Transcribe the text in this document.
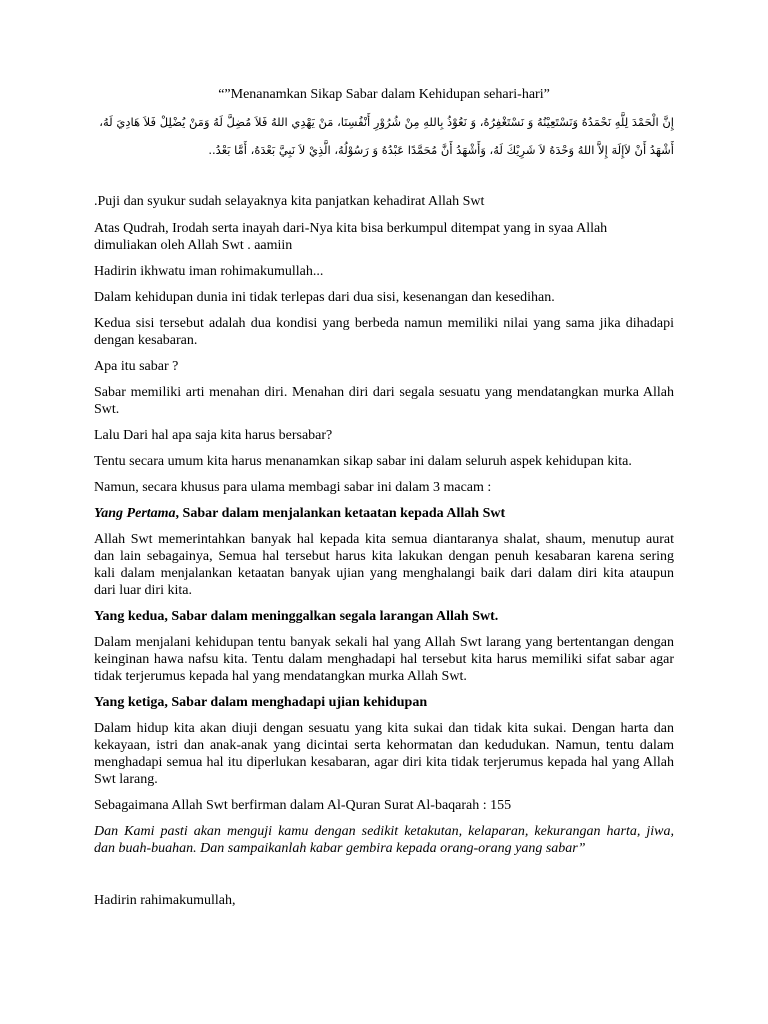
“”Menanamkan Sikap Sabar dalam Kehidupan sehari-hari”
إِنَّ الْحَمْدَ لِلَّهِ نَحْمَدُهُ وَنَسْتَعِيْنُهُ وَ نَسْتَغْفِرُهُ، وَ نَعُوْذُ بِاللهِ مِنْ شُرُوْرِ أَنْفُسِنَا، مَنْ يَهْدِي اللهُ فَلاَ مُضِلَّ لَهُ وَمَنْ يُضْلِلْ فَلاَ هَادِيَ لَهُ،
أَشْهَدُ أَنْ لاَإِلَهَ إِلاَّ اللهُ وَحْدَهُ لاَ شَرِيْكَ لَهُ، وَأَشْهَدُ أَنَّ مُحَمَّدًا عَبْدُهُ وَ رَسُوْلُهُ، الَّذِيْ لاَ نَبِيَّ بَعْدَهُ، أَمَّا بَعْدُ..
.Puji dan syukur sudah selayaknya kita panjatkan kehadirat Allah Swt
Atas Qudrah, Irodah serta inayah dari-Nya kita bisa berkumpul ditempat yang in syaa Allah
dimuliakan oleh Allah Swt . aamiin
Hadirin ikhwatu iman rohimakumullah...
Dalam kehidupan dunia ini tidak terlepas dari dua sisi, kesenangan dan kesedihan.
Kedua sisi tersebut adalah dua kondisi yang berbeda namun memiliki nilai yang sama jika dihadapi
dengan kesabaran.
Apa itu sabar ?
Sabar memiliki arti menahan diri. Menahan diri dari segala sesuatu yang mendatangkan murka Allah
Swt.
Lalu Dari hal apa saja kita harus bersabar?
Tentu secara umum kita harus menanamkan sikap sabar ini dalam seluruh aspek kehidupan kita.
Namun, secara khusus para ulama membagi sabar ini dalam 3 macam :
Yang Pertama, Sabar dalam menjalankan ketaatan kepada Allah Swt
Allah Swt memerintahkan banyak hal kepada kita semua diantaranya shalat, shaum, menutup aurat
dan lain sebagainya, Semua hal tersebut harus kita lakukan dengan penuh kesabaran karena sering
kali dalam menjalankan ketaatan banyak ujian yang menghalangi baik dari dalam diri kita ataupun
dari luar diri kita.
Yang kedua, Sabar dalam meninggalkan segala larangan Allah Swt.
Dalam menjalani kehidupan tentu banyak sekali hal yang Allah Swt larang yang bertentangan dengan
keinginan hawa nafsu kita. Tentu dalam menghadapi hal tersebut kita harus memiliki sifat sabar agar
tidak terjerumus kepada hal yang mendatangkan murka Allah Swt.
Yang ketiga, Sabar dalam menghadapi ujian kehidupan
Dalam hidup kita akan diuji dengan sesuatu yang kita sukai dan tidak kita sukai. Dengan harta dan
kekayaan, istri dan anak-anak yang dicintai serta kehormatan dan kedudukan. Namun, tentu dalam
menghadapi semua hal itu diperlukan kesabaran, agar diri kita tidak terjerumus kepada hal yang Allah
Swt larang.
Sebagaimana Allah Swt berfirman dalam Al-Quran Surat Al-baqarah : 155
Dan Kami pasti akan menguji kamu dengan sedikit ketakutan, kelaparan, kekurangan harta, jiwa,
dan buah-buahan. Dan sampaikanlah kabar gembira kepada orang-orang yang sabar”
Hadirin rahimakumullah,
